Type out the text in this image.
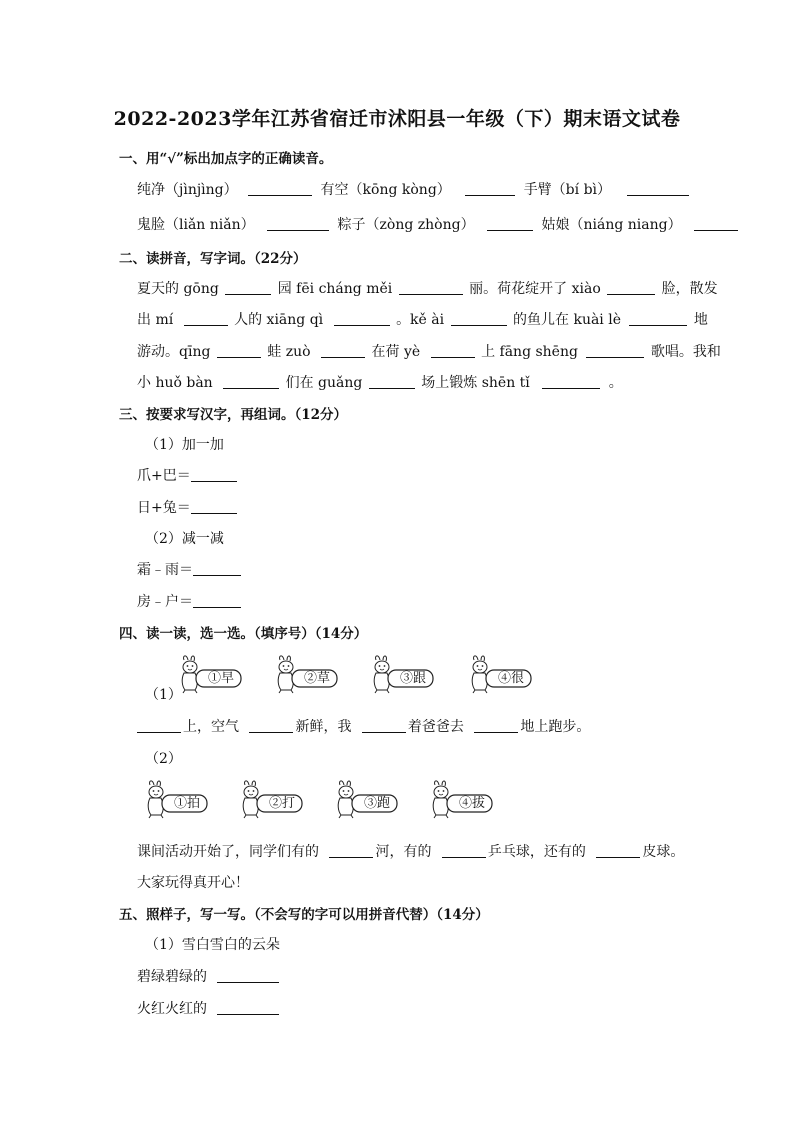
2022-2023学年江苏省宿迁市沭阳县一年级（下）期末语文试卷
一、用“√”标出加点字的正确读音。
纯净（jìnjìng）	有空（kōng kòng）	手臂（bí bì）
鬼脸（liǎn niǎn）	粽子（zòng zhòng）	姑娘（niáng niang）
二、读拼音，写字词。（22分）
夏天的 gōng	园 fēi cháng měi	丽。荷花绽开了 xiào	脸，散发
出 mí	人的 xiāng qì	。kě ài	的鱼儿在 kuài lè	地
游动。qīng	蛙 zuò	在荷 yè	上 fāng shēng	歌唱。我和
小 huǒ bàn	们在 guǎng	场上锻炼 shēn tǐ	。
三、按要求写汉字，再组词。（12分）
（1）加一加
爪+巴＝
日+兔＝
（2）减一减
霜﹣雨＝
房﹣户＝
四、读一读，选一选。（填序号）（14分）
（1）
①早	②草	③跟	④很
上，空气	新鲜，我	着爸爸去	地上跑步。
（2）
①拍	②打	③跑	④拔
课间活动开始了，同学们有的	河，有的	乒乓球，还有的	皮球。
大家玩得真开心！
五、照样子，写一写。（不会写的字可以用拼音代替）（14分）
（1）雪白雪白的云朵
碧绿碧绿的
火红火红的
